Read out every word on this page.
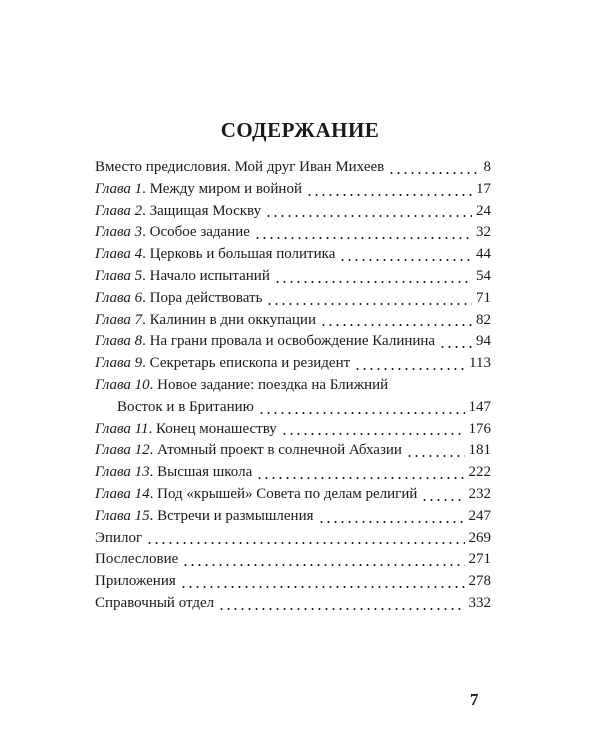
СОДЕРЖАНИЕ
Вместо предисловия. Мой друг Иван Михеев	8
Глава 1. Между миром и войной	17
Глава 2. Защищая Москву	24
Глава 3. Особое задание	32
Глава 4. Церковь и большая политика	44
Глава 5. Начало испытаний	54
Глава 6. Пора действовать	71
Глава 7. Калинин в дни оккупации	82
Глава 8. На грани провала и освобождение Калинина	94
Глава 9. Секретарь епископа и резидент	113
Глава 10. Новое задание: поездка на Ближний
Восток и в Британию	147
Глава 11. Конец монашеству	176
Глава 12. Атомный проект в солнечной Абхазии	181
Глава 13. Высшая школа	222
Глава 14. Под «крышей» Совета по делам религий	232
Глава 15. Встречи и размышления	247
Эпилог	269
Послесловие	271
Приложения	278
Справочный отдел	332
7
